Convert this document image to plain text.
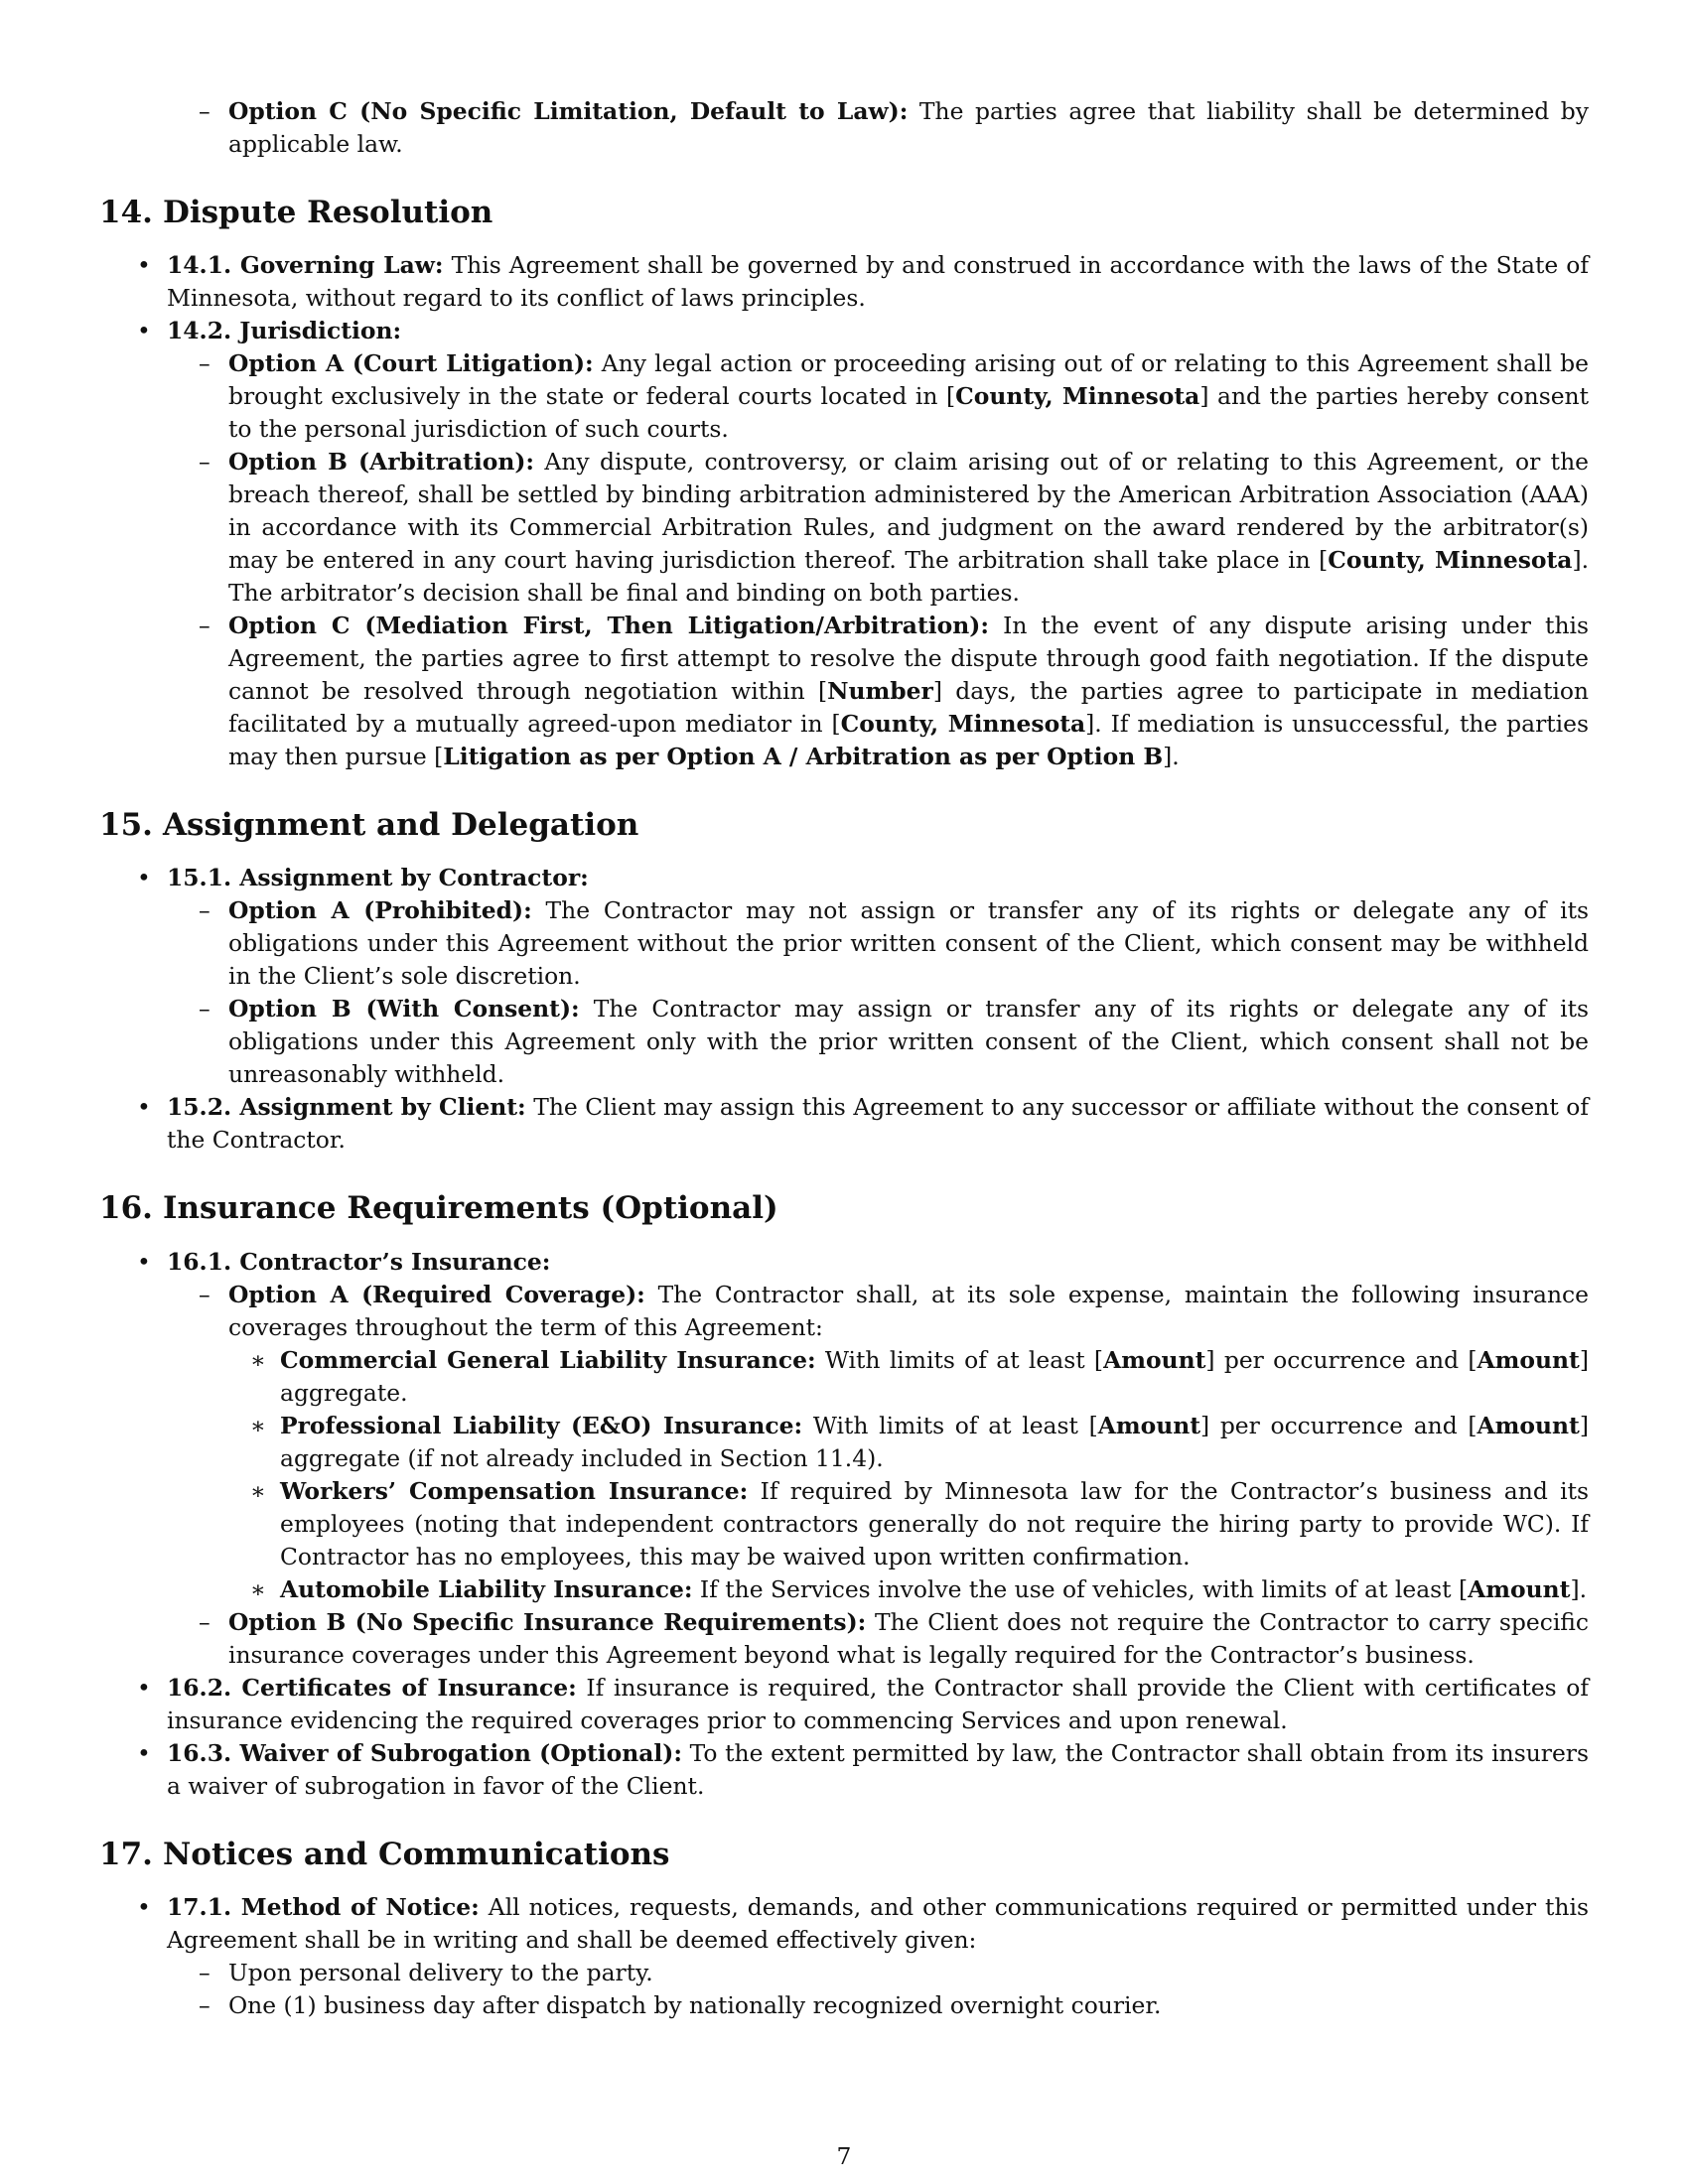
– Option C (No Specific Limitation, Default to Law): The parties agree that liability shall be determined by applicable law.
14. Dispute Resolution
• 14.1. Governing Law: This Agreement shall be governed by and construed in accordance with the laws of the State of Minnesota, without regard to its conflict of laws principles.
• 14.2. Jurisdiction:
– Option A (Court Litigation): Any legal action or proceeding arising out of or relating to this Agreement shall be brought exclusively in the state or federal courts located in [County, Minnesota] and the parties hereby consent to the personal jurisdiction of such courts.
– Option B (Arbitration): Any dispute, controversy, or claim arising out of or relating to this Agreement, or the breach thereof, shall be settled by binding arbitration administered by the American Arbitration Association (AAA) in accordance with its Commercial Arbitration Rules, and judgment on the award rendered by the arbitrator(s) may be entered in any court having jurisdiction thereof. The arbitration shall take place in [County, Minnesota]. The arbitrator’s decision shall be final and binding on both parties.
– Option C (Mediation First, Then Litigation/Arbitration): In the event of any dispute arising under this Agreement, the parties agree to first attempt to resolve the dispute through good faith negotiation. If the dispute cannot be resolved through negotiation within [Number] days, the parties agree to participate in mediation facilitated by a mutually agreed-upon mediator in [County, Minnesota]. If mediation is unsuccessful, the parties may then pursue [Litigation as per Option A / Arbitration as per Option B].
15. Assignment and Delegation
• 15.1. Assignment by Contractor:
– Option A (Prohibited): The Contractor may not assign or transfer any of its rights or delegate any of its obligations under this Agreement without the prior written consent of the Client, which consent may be withheld in the Client’s sole discretion.
– Option B (With Consent): The Contractor may assign or transfer any of its rights or delegate any of its obligations under this Agreement only with the prior written consent of the Client, which consent shall not be unreasonably withheld.
• 15.2. Assignment by Client: The Client may assign this Agreement to any successor or affiliate without the consent of the Contractor.
16. Insurance Requirements (Optional)
• 16.1. Contractor’s Insurance:
– Option A (Required Coverage): The Contractor shall, at its sole expense, maintain the following insurance coverages throughout the term of this Agreement:
∗ Commercial General Liability Insurance: With limits of at least [Amount] per occurrence and [Amount] aggregate.
∗ Professional Liability (E&O) Insurance: With limits of at least [Amount] per occurrence and [Amount] aggregate (if not already included in Section 11.4).
∗ Workers’ Compensation Insurance: If required by Minnesota law for the Contractor’s business and its employees (noting that independent contractors generally do not require the hiring party to provide WC). If Contractor has no employees, this may be waived upon written confirmation.
∗ Automobile Liability Insurance: If the Services involve the use of vehicles, with limits of at least [Amount].
– Option B (No Specific Insurance Requirements): The Client does not require the Contractor to carry specific insurance coverages under this Agreement beyond what is legally required for the Contractor’s business.
• 16.2. Certificates of Insurance: If insurance is required, the Contractor shall provide the Client with certificates of insurance evidencing the required coverages prior to commencing Services and upon renewal.
• 16.3. Waiver of Subrogation (Optional): To the extent permitted by law, the Contractor shall obtain from its insurers a waiver of subrogation in favor of the Client.
17. Notices and Communications
• 17.1. Method of Notice: All notices, requests, demands, and other communications required or permitted under this Agreement shall be in writing and shall be deemed effectively given:
– Upon personal delivery to the party.
– One (1) business day after dispatch by nationally recognized overnight courier.
7
